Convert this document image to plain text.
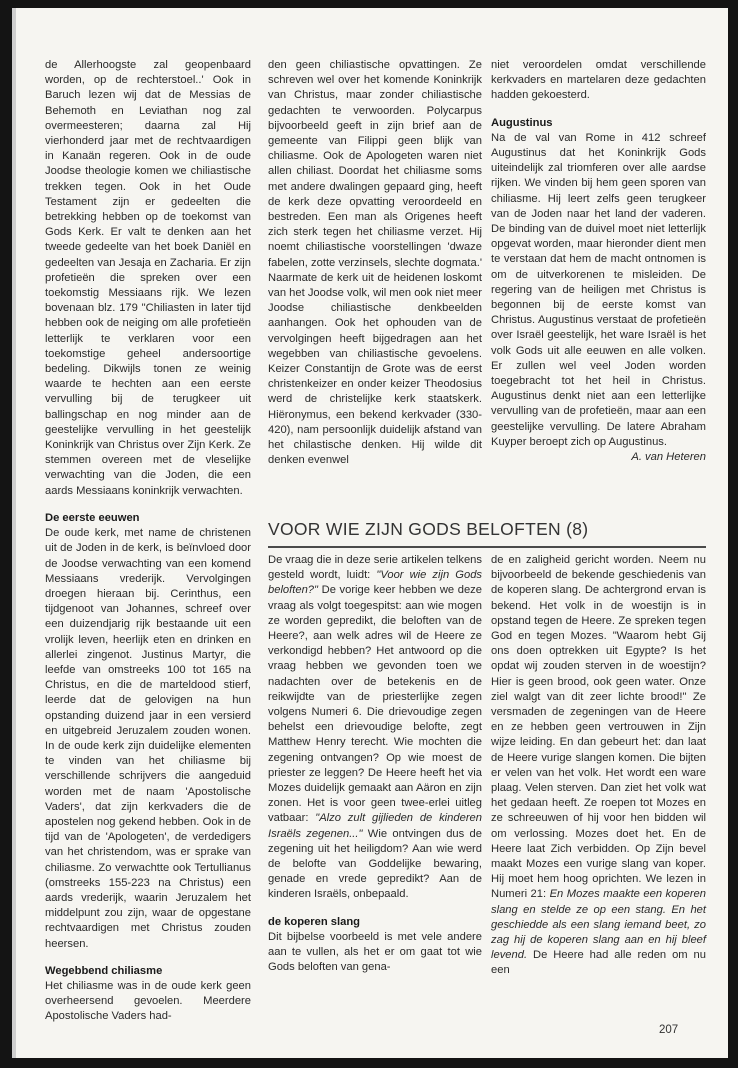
de Allerhoogste zal geopenbaard worden, op de rechterstoel..' Ook in Baruch lezen wij dat de Messias de Behemoth en Leviathan nog zal overmeesteren; daarna zal Hij vierhonderd jaar met de rechtvaardigen in Kanaän regeren. Ook in de oude Joodse theologie komen we chiliastische trekken tegen. Ook in het Oude Testament zijn er gedeelten die betrekking hebben op de toekomst van Gods Kerk. Er valt te denken aan het tweede gedeelte van het boek Daniël en gedeelten van Jesaja en Zacharia. Er zijn profetieën die spreken over een toekomstig Messiaans rijk. We lezen bovenaan blz. 179 "Chiliasten in later tijd hebben ook de neiging om alle profetieën letterlijk te verklaren voor een toekomstige geheel andersoortige bedeling. Dikwijls tonen ze weinig waarde te hechten aan een eerste vervulling bij de terugkeer uit ballingschap en nog minder aan de geestelijke vervulling in het geestelijk Koninkrijk van Christus over Zijn Kerk. Ze stemmen overeen met de vleselijke verwachting van die Joden, die een aards Messiaans koninkrijk verwachten.

De eerste eeuwen

De oude kerk, met name de christenen uit de Joden in de kerk, is beïnvloed door de Joodse verwachting van een komend Messiaans vrederijk. Vervolgingen droegen hieraan bij. Cerinthus, een tijdgenoot van Johannes, schreef over een duizendjarig rijk bestaande uit een vrolijk leven, heerlijk eten en drinken en allerlei zingenot. Justinus Martyr, die leefde van omstreeks 100 tot 165 na Christus, en die de marteldood stierf, leerde dat de gelovigen na hun opstanding duizend jaar in een versierd en uitgebreid Jeruzalem zouden wonen. In de oude kerk zijn duidelijke elementen te vinden van het chiliasme bij verschillende schrijvers die aangeduid worden met de naam 'Apostolische Vaders', dat zijn kerkvaders die de apostelen nog gekend hebben. Ook in de tijd van de 'Apologeten', de verdedigers van het christendom, was er sprake van chiliasme. Zo verwachtte ook Tertullianus (omstreeks 155-223 na Christus) een aards vrederijk, waarin Jeruzalem het middelpunt zou zijn, waar de opgestane rechtvaardigen met Christus zouden heersen.

Wegebbend chiliasme

Het chiliasme was in de oude kerk geen overheersend gevoelen. Meerdere Apostolische Vaders had-

den geen chiliastische opvattingen. Ze schreven wel over het komende Koninkrijk van Christus, maar zonder chiliastische gedachten te verwoorden. Polycarpus bijvoorbeeld geeft in zijn brief aan de gemeente van Filippi geen blijk van chiliasme. Ook de Apologeten waren niet allen chiliast. Doordat het chiliasme soms met andere dwalingen gepaard ging, heeft de kerk deze opvatting veroordeeld en bestreden. Een man als Origenes heeft zich sterk tegen het chiliasme verzet. Hij noemt chiliastische voorstellingen 'dwaze fabelen, zotte verzinsels, slechte dogmata.' Naarmate de kerk uit de heidenen loskomt van het Joodse volk, wil men ook niet meer Joodse chiliastische denkbeelden aanhangen. Ook het ophouden van de vervolgingen heeft bijgedragen aan het wegebben van chiliastische gevoelens. Keizer Constantijn de Grote was de eerst christenkeizer en onder keizer Theodosius werd de christelijke kerk staatskerk. Hiëronymus, een bekend kerkvader (330-420), nam persoonlijk duidelijk afstand van het chilastische denken. Hij wilde dit denken evenwel

niet veroordelen omdat verschillende kerkvaders en martelaren deze gedachten hadden gekoesterd.

Augustinus

Na de val van Rome in 412 schreef Augustinus dat het Koninkrijk Gods uiteindelijk zal triomferen over alle aardse rijken. We vinden bij hem geen sporen van chiliasme. Hij leert zelfs geen terugkeer van de Joden naar het land der vaderen. De binding van de duivel moet niet letterlijk opgevat worden, maar hieronder dient men te verstaan dat hem de macht ontnomen is om de uitverkorenen te misleiden. De regering van de heiligen met Christus is begonnen bij de eerste komst van Christus. Augustinus verstaat de profetieën over Israël geestelijk, het ware Israël is het volk Gods uit alle eeuwen en alle volken. Er zullen wel veel Joden worden toegebracht tot het heil in Christus. Augustinus denkt niet aan een letterlijke vervulling van de profetieën, maar aan een geestelijke vervulling. De latere Abraham Kuyper beroept zich op Augustinus.

A. van Heteren

VOOR WIE ZIJN GODS BELOFTEN (8)

De vraag die in deze serie artikelen telkens gesteld wordt, luidt: "Voor wie zijn Gods beloften?" De vorige keer hebben we deze vraag als volgt toegespitst: aan wie mogen ze worden gepredikt, die beloften van de Heere?, aan welk adres wil de Heere ze verkondigd hebben? Het antwoord op die vraag hebben we gevonden toen we nadachten over de betekenis en de reikwijdte van de priesterlijke zegen volgens Numeri 6. Die drievoudige zegen behelst een drievoudige belofte, zegt Matthew Henry terecht. Wie mochten die zegening ontvangen? Op wie moest de priester ze leggen? De Heere heeft het via Mozes duidelijk gemaakt aan Aäron en zijn zonen. Het is voor geen twee-erlei uitleg vatbaar: "Alzo zult gijlieden de kinderen Israëls zegenen..." Wie ontvingen dus de zegening uit het heiligdom? Aan wie werd de belofte van Goddelijke bewaring, genade en vrede gepredikt? Aan de kinderen Israëls, onbepaald.

de koperen slang

Dit bijbelse voorbeeld is met vele andere aan te vullen, als het er om gaat tot wie Gods beloften van gena-

de en zaligheid gericht worden. Neem nu bijvoorbeeld de bekende geschiedenis van de koperen slang. De achtergrond ervan is bekend. Het volk in de woestijn is in opstand tegen de Heere. Ze spreken tegen God en tegen Mozes. "Waarom hebt Gij ons doen optrekken uit Egypte? Is het opdat wij zouden sterven in de woestijn? Hier is geen brood, ook geen water. Onze ziel walgt van dit zeer lichte brood!" Ze versmaden de zegeningen van de Heere en ze hebben geen vertrouwen in Zijn wijze leiding. En dan gebeurt het: dan laat de Heere vurige slangen komen. Die bijten er velen van het volk. Het wordt een ware plaag. Velen sterven. Dan ziet het volk wat het gedaan heeft. Ze roepen tot Mozes en ze schreeuwen of hij voor hen bidden wil om verlossing. Mozes doet het. En de Heere laat Zich verbidden. Op Zijn bevel maakt Mozes een vurige slang van koper. Hij moet hem hoog oprichten. We lezen in Numeri 21: En Mozes maakte een koperen slang en stelde ze op een stang. En het geschiedde als een slang iemand beet, zo zag hij de koperen slang aan en hij bleef levend. De Heere had alle reden om nu een

207
